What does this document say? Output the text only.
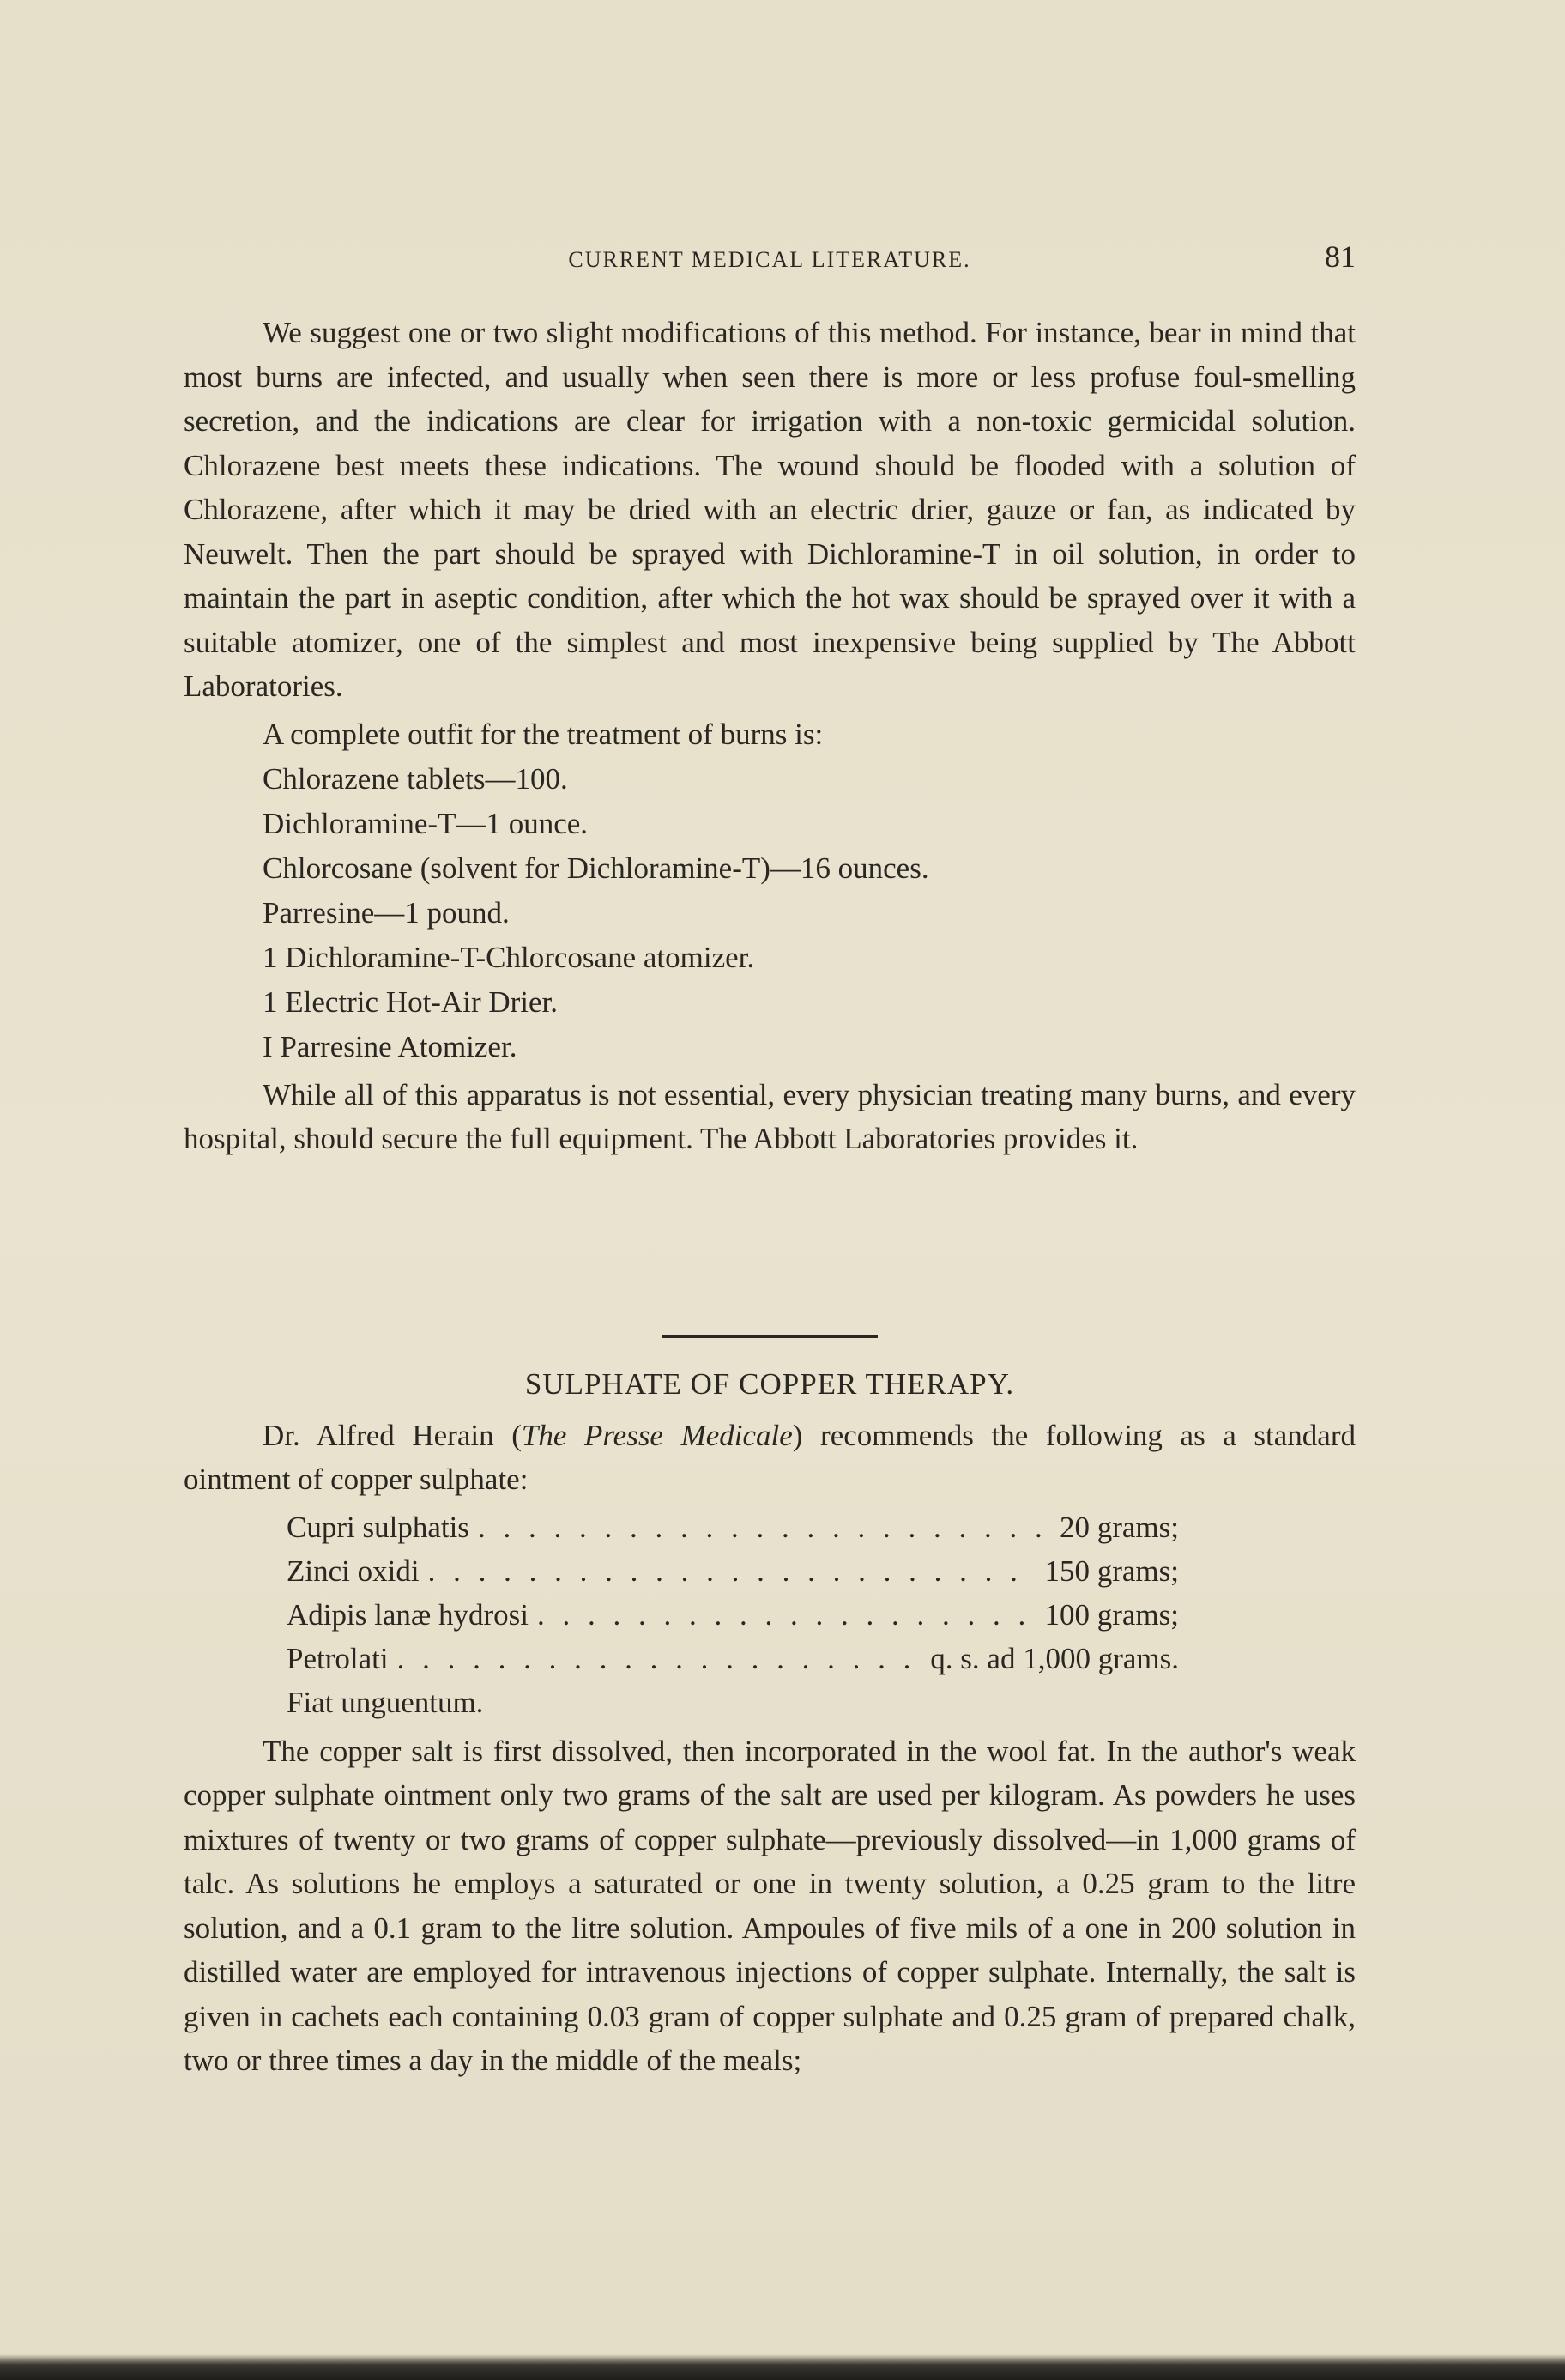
CURRENT MEDICAL LITERATURE.	81

We suggest one or two slight modifications of this method. For instance, bear in mind that most burns are infected, and usually when seen there is more or less profuse foul-smelling secretion, and the indications are clear for irrigation with a non-toxic germicidal solution. Chlorazene best meets these indications. The wound should be flooded with a solution of Chlorazene, after which it may be dried with an electric drier, gauze or fan, as indicated by Neuwelt. Then the part should be sprayed with Dichloramine-T in oil solution, in order to maintain the part in aseptic condition, after which the hot wax should be sprayed over it with a suitable atomizer, one of the simplest and most inexpensive being supplied by The Abbott Laboratories.

A complete outfit for the treatment of burns is:
Chlorazene tablets—100.
Dichloramine-T—1 ounce.
Chlorcosane (solvent for Dichloramine-T)—16 ounces.
Parresine—1 pound.
1 Dichloramine-T-Chlorcosane atomizer.
1 Electric Hot-Air Drier.
I Parresine Atomizer.

While all of this apparatus is not essential, every physician treating many burns, and every hospital, should secure the full equipment. The Abbott Laboratories provides it.

SULPHATE OF COPPER THERAPY.

Dr. Alfred Herain (The Presse Medicale) recommends the following as a standard ointment of copper sulphate:

Cupri sulphatis . . .	20 grams;
Zinci oxidi . . .	150 grams;
Adipis lanæ hydrosi . . .	100 grams;
Petrolati . . .	q. s. ad 1,000 grams.
Fiat unguentum.

The copper salt is first dissolved, then incorporated in the wool fat. In the author's weak copper sulphate ointment only two grams of the salt are used per kilogram. As powders he uses mixtures of twenty or two grams of copper sulphate—previously dissolved—in 1,000 grams of talc. As solutions he employs a saturated or one in twenty solution, a 0.25 gram to the litre solution, and a 0.1 gram to the litre solution. Ampoules of five mils of a one in 200 solution in distilled water are employed for intravenous injections of copper sulphate. Internally, the salt is given in cachets each containing 0.03 gram of copper sulphate and 0.25 gram of prepared chalk, two or three times a day in the middle of the meals;
